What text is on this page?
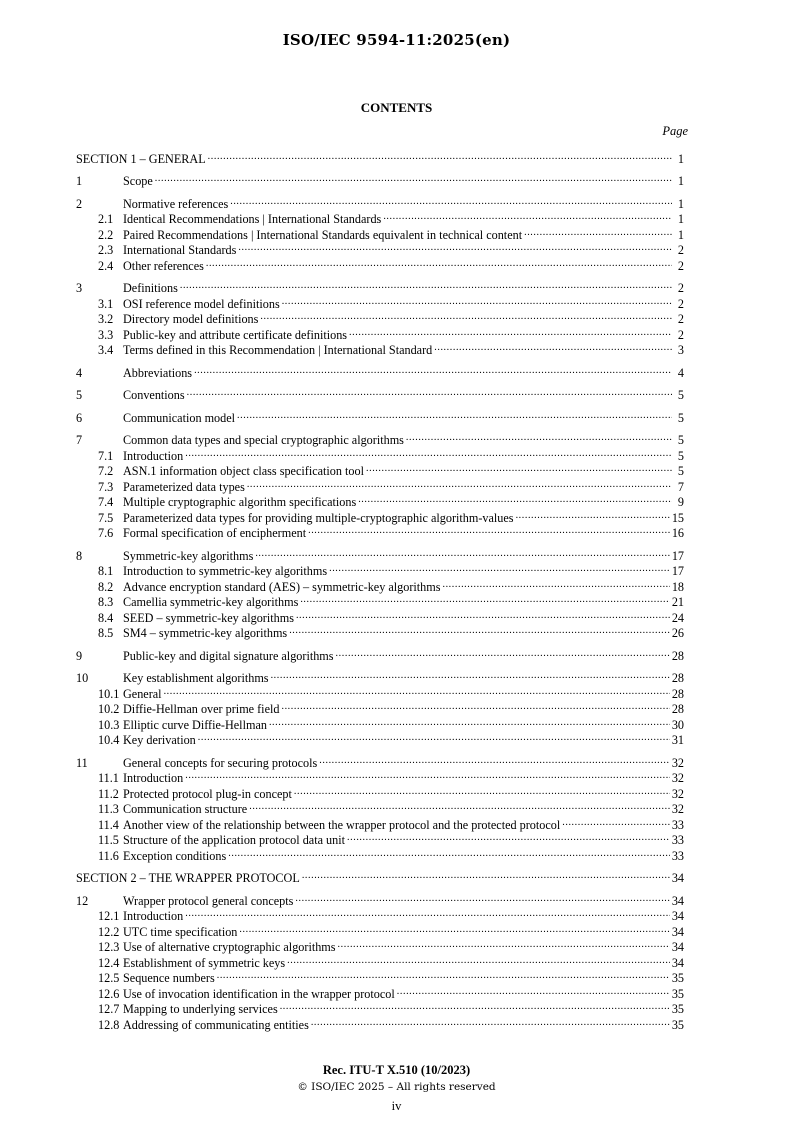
ISO/IEC 9594-11:2025(en)
CONTENTS
Page
SECTION 1 – GENERAL .....	1
1	Scope .....	1
2	Normative references .....	1
2.1 Identical Recommendations | International Standards .....	1
2.2 Paired Recommendations | International Standards equivalent in technical content .....	1
2.3 International Standards .....	2
2.4 Other references .....	2
3	Definitions .....	2
3.1 OSI reference model definitions .....	2
3.2 Directory model definitions .....	2
3.3 Public-key and attribute certificate definitions .....	2
3.4 Terms defined in this Recommendation | International Standard .....	3
4	Abbreviations .....	4
5	Conventions .....	5
6	Communication model .....	5
7	Common data types and special cryptographic algorithms .....	5
7.1 Introduction .....	5
7.2 ASN.1 information object class specification tool .....	5
7.3 Parameterized data types .....	7
7.4 Multiple cryptographic algorithm specifications .....	9
7.5 Parameterized data types for providing multiple-cryptographic algorithm-values .....	15
7.6 Formal specification of encipherment .....	16
8	Symmetric-key algorithms .....	17
8.1 Introduction to symmetric-key algorithms .....	17
8.2 Advance encryption standard (AES) – symmetric-key algorithms .....	18
8.3 Camellia symmetric-key algorithms .....	21
8.4 SEED – symmetric-key algorithms .....	24
8.5 SM4 – symmetric-key algorithms .....	26
9	Public-key and digital signature algorithms .....	28
10	Key establishment algorithms .....	28
10.1 General .....	28
10.2 Diffie-Hellman over prime field .....	28
10.3 Elliptic curve Diffie-Hellman .....	30
10.4 Key derivation .....	31
11	General concepts for securing protocols .....	32
11.1 Introduction .....	32
11.2 Protected protocol plug-in concept .....	32
11.3 Communication structure .....	32
11.4 Another view of the relationship between the wrapper protocol and the protected protocol .....	33
11.5 Structure of the application protocol data unit .....	33
11.6 Exception conditions .....	33
SECTION 2 – THE WRAPPER PROTOCOL .....	34
12	Wrapper protocol general concepts .....	34
12.1 Introduction .....	34
12.2 UTC time specification .....	34
12.3 Use of alternative cryptographic algorithms .....	34
12.4 Establishment of symmetric keys .....	34
12.5 Sequence numbers .....	35
12.6 Use of invocation identification in the wrapper protocol .....	35
12.7 Mapping to underlying services .....	35
12.8 Addressing of communicating entities .....	35
Rec. ITU-T X.510 (10/2023)
© ISO/IEC 2025 – All rights reserved
iv
